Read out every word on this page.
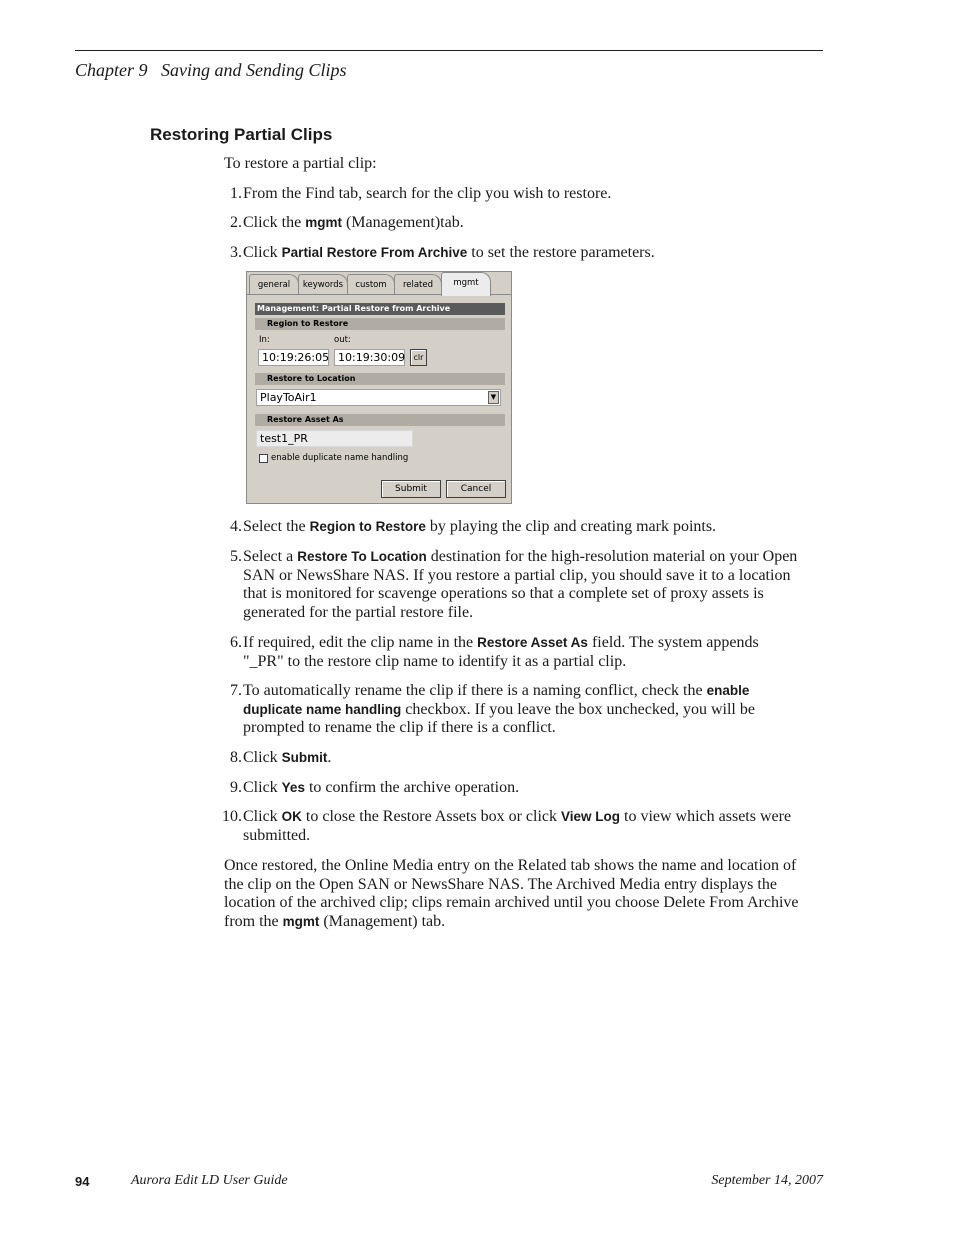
Chapter 9   Saving and Sending Clips
Restoring Partial Clips
To restore a partial clip:
1. From the Find tab, search for the clip you wish to restore.
2. Click the mgmt (Management)tab.
3. Click Partial Restore From Archive to set the restore parameters.
general	keywords	custom	related	mgmt
Management: Partial Restore from Archive
Region to Restore
In:	out:
10:19:26:05 10:19:30:09	clr
Restore to Location
PlayToAir1	▼
Restore Asset As
test1_PR
enable duplicate name handling
Submit	Cancel
4. Select the Region to Restore by playing the clip and creating mark points.
5. Select a Restore To Location destination for the high-resolution material on your Open SAN or NewsShare NAS. If you restore a partial clip, you should save it to a location that is monitored for scavenge operations so that a complete set of proxy assets is generated for the partial restore file.
6. If required, edit the clip name in the Restore Asset As field. The system appends "_PR" to the restore clip name to identify it as a partial clip.
7. To automatically rename the clip if there is a naming conflict, check the enable duplicate name handling checkbox. If you leave the box unchecked, you will be prompted to rename the clip if there is a conflict.
8. Click Submit.
9. Click Yes to confirm the archive operation.
10. Click OK to close the Restore Assets box or click View Log to view which assets were submitted.
Once restored, the Online Media entry on the Related tab shows the name and location of the clip on the Open SAN or NewsShare NAS. The Archived Media entry displays the location of the archived clip; clips remain archived until you choose Delete From Archive from the mgmt (Management) tab.
94	Aurora Edit LD User Guide	September 14, 2007
